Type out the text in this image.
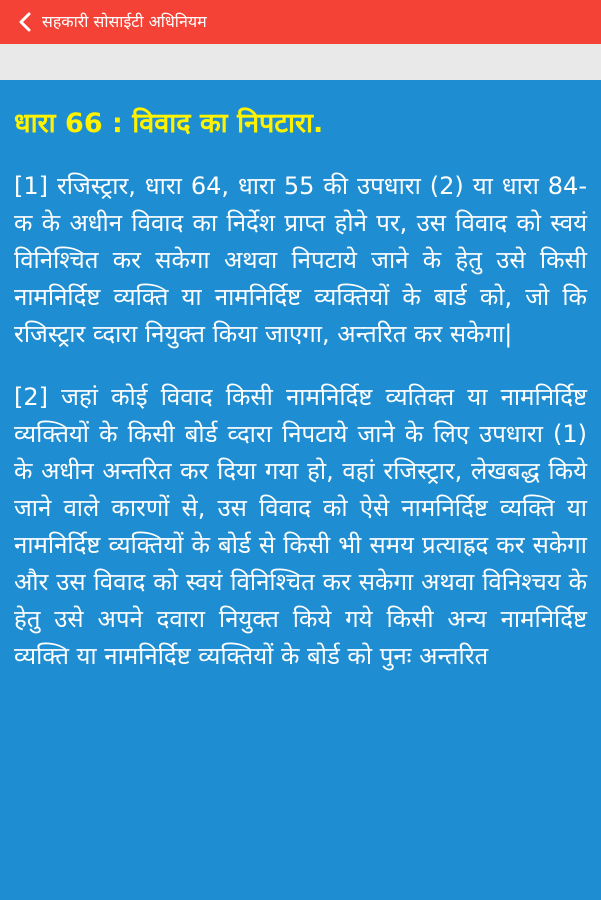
सहकारी सोसाईटी अधिनियम
धारा 66 : विवाद का निपटारा.

[1] रजिस्ट्रार, धारा 64, धारा 55 की उपधारा (2) या धारा 84-क के अधीन विवाद का निर्देश प्राप्त होने पर, उस विवाद को स्वयं विनिश्चित कर सकेगा अथवा निपटाये जाने के हेतु उसे किसी नामनिर्दिष्ट व्यक्ति या नामनिर्दिष्ट व्यक्तियों के बार्ड को, जो कि रजिस्ट्रार व्दारा नियुक्त किया जाएगा, अन्तरित कर सकेगा|

[2] जहां कोई विवाद किसी नामनिर्दिष्ट व्यतिक्त या नामनिर्दिष्ट व्यक्तियों के किसी बोर्ड व्दारा निपटाये जाने के लिए उपधारा (1) के अधीन अन्तरित कर दिया गया हो, वहां रजिस्ट्रार, लेखबद्ध किये जाने वाले कारणों से, उस विवाद को ऐसे नामनिर्दिष्ट व्यक्ति या नामनिर्दिष्ट व्यक्तियों के बोर्ड से किसी भी समय प्रत्याह्रद कर सकेगा और उस विवाद को स्वयं विनिश्चित कर सकेगा अथवा विनिश्चय के हेतु उसे अपने दवारा नियुक्त किये गये किसी अन्य नामनिर्दिष्ट व्यक्ति या नामनिर्दिष्ट व्यक्तियों के बोर्ड को पुनः अन्तरित
